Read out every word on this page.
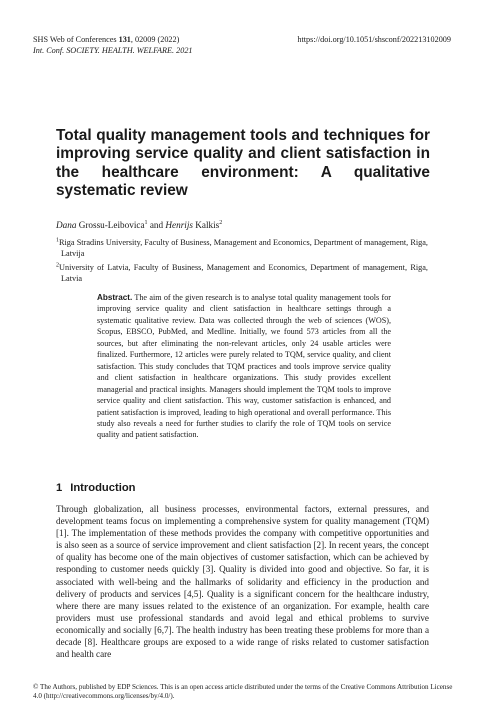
SHS Web of Conferences 131, 02009 (2022)	https://doi.org/10.1051/shsconf/202213102009
Int. Conf. SOCIETY. HEALTH. WELFARE. 2021
Total quality management tools and techniques for improving service quality and client satisfaction in the healthcare environment: A qualitative systematic review
Dana Grossu-Leibovica$^1$ and Henrijs Kalkis$^2$

$^1$Riga Stradins University, Faculty of Business, Management and Economics, Department of management, Riga, Latvija

$^2$University of Latvia, Faculty of Business, Management and Economics, Department of management, Riga, Latvia

Abstract. The aim of the given research is to analyse total quality management tools for improving service quality and client satisfaction in healthcare settings through a systematic qualitative review. Data was collected through the web of sciences (WOS), Scopus, EBSCO, PubMed, and Medline. Initially, we found 573 articles from all the sources, but after eliminating the non-relevant articles, only 24 usable articles were finalized. Furthermore, 12 articles were purely related to TQM, service quality, and client satisfaction. This study concludes that TQM practices and tools improve service quality and client satisfaction in healthcare organizations. This study provides excellent managerial and practical insights. Managers should implement the TQM tools to improve service quality and client satisfaction. This way, customer satisfaction is enhanced, and patient satisfaction is improved, leading to high operational and overall performance. This study also reveals a need for further studies to clarify the role of TQM tools on service quality and patient satisfaction.

1 Introduction

Through globalization, all business processes, environmental factors, external pressures, and development teams focus on implementing a comprehensive system for quality management (TQM) [1]. The implementation of these methods provides the company with competitive opportunities and is also seen as a source of service improvement and client satisfaction [2]. In recent years, the concept of quality has become one of the main objectives of customer satisfaction, which can be achieved by responding to customer needs quickly [3]. Quality is divided into good and objective. So far, it is associated with well-being and the hallmarks of solidarity and efficiency in the production and delivery of products and services [4,5]. Quality is a significant concern for the healthcare industry, where there are many issues related to the existence of an organization. For example, health care providers must use professional standards and avoid legal and ethical problems to survive economically and socially [6,7]. The health industry has been treating these problems for more than a decade [8]. Healthcare groups are exposed to a wide range of risks related to customer satisfaction and health care

© The Authors, published by EDP Sciences. This is an open access article distributed under the terms of the Creative Commons Attribution License 4.0 (http://creativecommons.org/licenses/by/4.0/).
